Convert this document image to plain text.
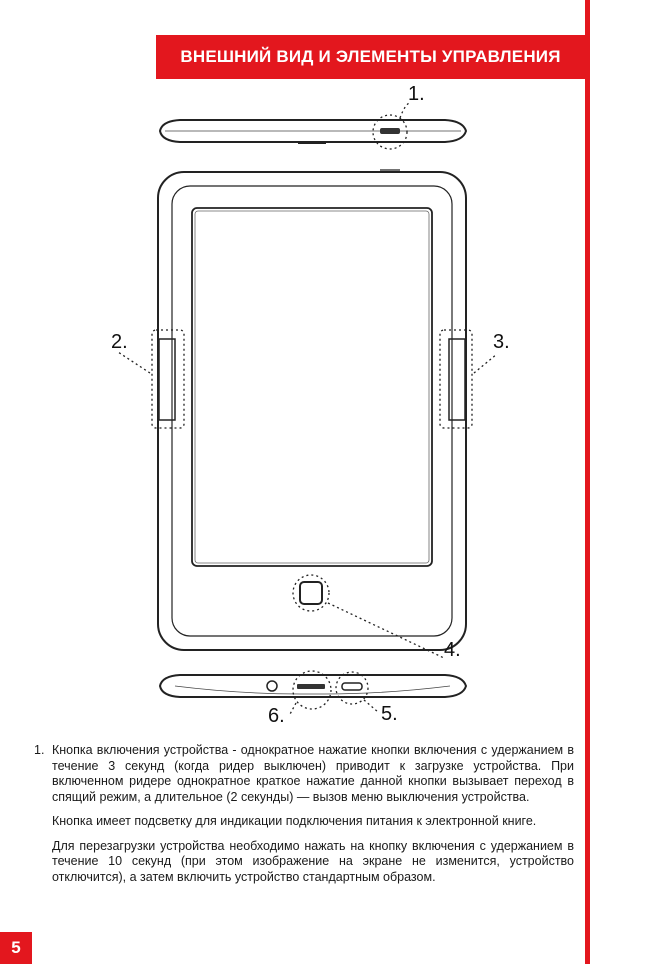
ВНЕШНИЙ ВИД И ЭЛЕМЕНТЫ УПРАВЛЕНИЯ
1.
2.	3.
4.
5.
6.
1. Кнопка включения устройства - однократное нажатие кнопки включения с удержанием в течение 3 секунд (когда ридер выключен) приводит к загрузке устройства. При включенном ридере однократное краткое нажатие данной кнопки вызывает переход в спящий режим, а длительное (2 секунды) — вызов меню выключения устройства.
Кнопка имеет подсветку для индикации подключения питания к электронной книге.
Для перезагрузки устройства необходимо нажать на кнопку включения с удержанием в течение 10 секунд (при этом изображение на экране не изменится, устройство отключится), а затем включить устройство стандартным образом.
5
